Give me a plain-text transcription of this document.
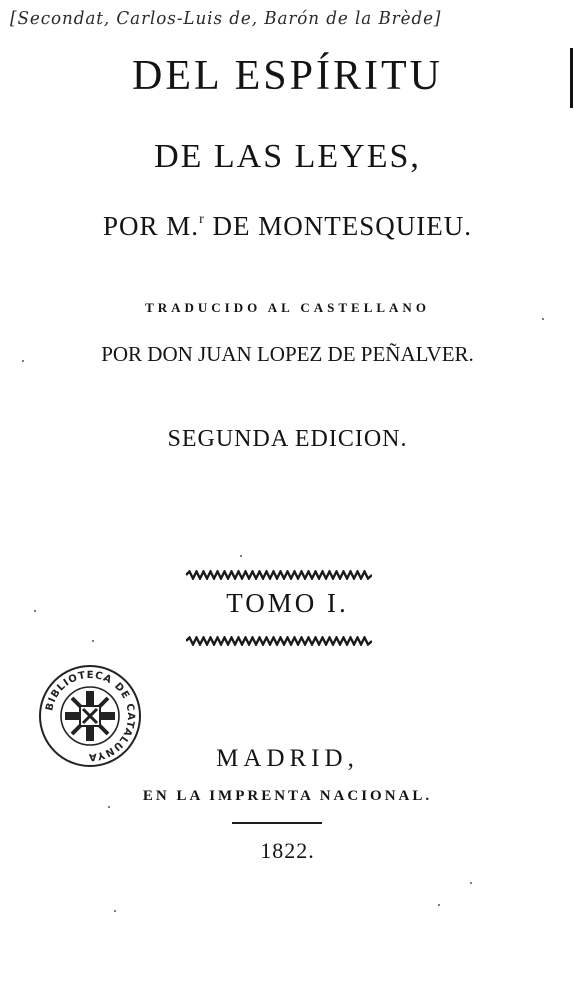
[Secondat, Carlos-Luis de, Barón de la Brède]
DEL ESPÍRITU
DE LAS LEYES,
POR M.$^r$ DE MONTESQUIEU.
TRADUCIDO AL CASTELLANO
POR DON JUAN LOPEZ DE PEÑALVER.
SEGUNDA EDICION.
TOMO I.
BIBLIOTECA DE CATALUNYA	MADRID,
EN LA IMPRENTA NACIONAL.
1822.
